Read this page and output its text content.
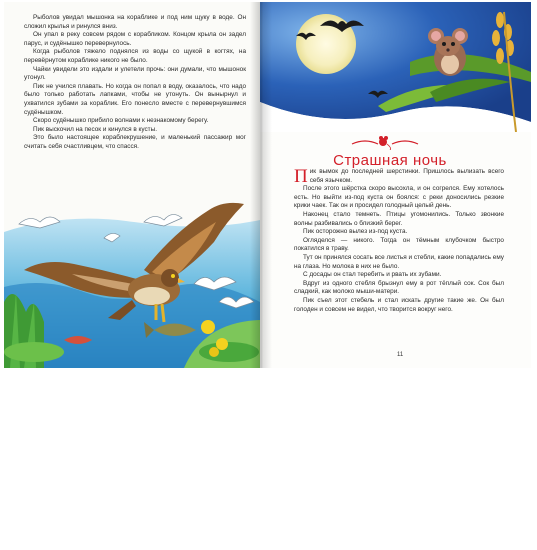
Рыболов увидал мышонка на кораблике и под ним щуку в воде. Он сложил крылья и ринулся вниз.

Он упал в реку совсем рядом с корабликом. Концом крыла он задел парус, и судёнышко перевернулось.

Когда рыболов тяжело поднялся из воды со щукой в когтях, на перевёрнутом кораблике никого не было.

Чайки увидели это издали и улетели прочь: они думали, что мышонок утонул.

Пик не учился плавать. Но когда он попал в воду, оказалось, что надо было только работать лапками, чтобы не утонуть. Он вынырнул и ухватился зубами за кораблик. Его понесло вместе с перевернувшимся судёнышком.

Скоро судёнышко прибило волнами к незнакомому берегу.

Пик выскочил на песок и кинулся в кусты.

Это было настоящее кораблекрушение, и маленький пассажир мог считать себя счастливцем, что спасся.

Страшная ночь

Пик вымок до последней шерстинки. Пришлось вылизать всего себя язычком.

После этого шёрстка скоро высохла, и он согрелся. Ему хотелось есть. Но выйти из-под куста он боялся: с реки доносились резкие крики чаек. Так он и просидел голодный целый день.

Наконец стало темнеть. Птицы угомонились. Только звонкие волны разбивались о близкий берег.

Пик осторожно вылез из-под куста.

Огляделся — никого. Тогда он тёмным клубочком быстро покатился в траву.

Тут он принялся сосать все листья и стебли, какие попадались ему на глаза. Но молока в них не было.

С досады он стал теребить и рвать их зубами.

Вдруг из одного стебля брызнул ему в рот тёплый сок. Сок был сладкий, как молоко мыши-матери.

Пик съел этот стебель и стал искать другие такие же. Он был голоден и совсем не видел, что творится вокруг него.

11
